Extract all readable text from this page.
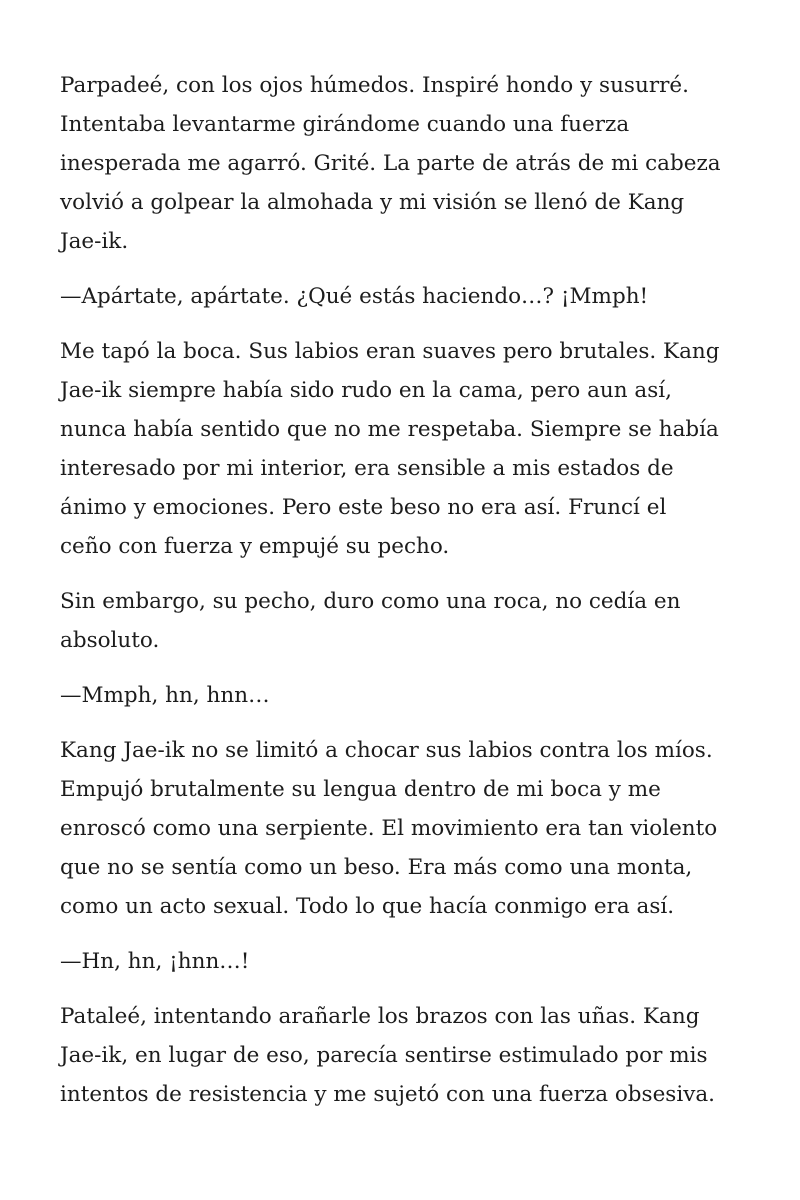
Parpadeé, con los ojos húmedos. Inspiré hondo y susurré.
Intentaba levantarme girándome cuando una fuerza
inesperada me agarró. Grité. La parte de atrás de mi cabeza
volvió a golpear la almohada y mi visión se llenó de Kang
Jae-ik.

—Apártate, apártate. ¿Qué estás haciendo…? ¡Mmph!

Me tapó la boca. Sus labios eran suaves pero brutales. Kang
Jae-ik siempre había sido rudo en la cama, pero aun así,
nunca había sentido que no me respetaba. Siempre se había
interesado por mi interior, era sensible a mis estados de
ánimo y emociones. Pero este beso no era así. Fruncí el
ceño con fuerza y empujé su pecho.

Sin embargo, su pecho, duro como una roca, no cedía en
absoluto.

—Mmph, hn, hnn…

Kang Jae-ik no se limitó a chocar sus labios contra los míos.
Empujó brutalmente su lengua dentro de mi boca y me
enroscó como una serpiente. El movimiento era tan violento
que no se sentía como un beso. Era más como una monta,
como un acto sexual. Todo lo que hacía conmigo era así.

—Hn, hn, ¡hnn…!

Pataleé, intentando arañarle los brazos con las uñas. Kang
Jae-ik, en lugar de eso, parecía sentirse estimulado por mis
intentos de resistencia y me sujetó con una fuerza obsesiva.
